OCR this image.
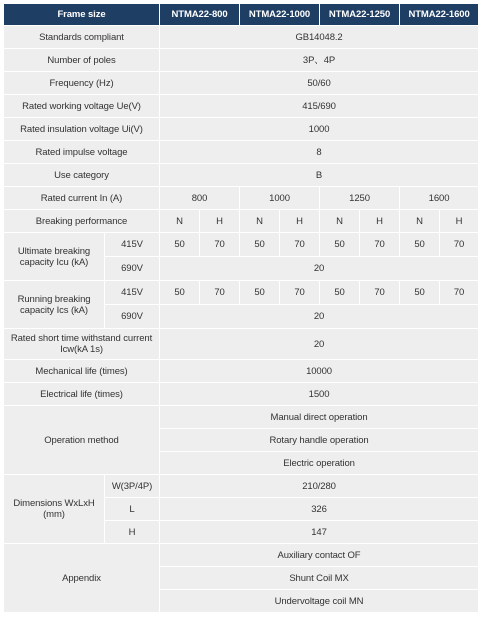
Frame size		NTMA22-800		NTMA22-1000		NTMA22-1250		NTMA22-1600	
Standards compliant		GB14048.2							
Number of poles		3P、4P							
Frequency (Hz)		50/60							
Rated working voltage Ue(V)		415/690							
Rated insulation voltage Ui(V)		1000							
Rated impulse voltage		8							
Use category		B							
Rated current In (A)		800		1000		1250		1600	
Breaking performance		N	H	N	H	N	H	N	H
Ultimate breaking capacity Icu (kA)	415V	50	70	50	70	50	70	50	70
	690V	20							
Running breaking capacity Ics (kA)	415V	50	70	50	70	50	70	50	70
	690V	20							
Rated short time withstand current Icw(kA 1s)		20							
Mechanical life (times)		10000							
Electrical life (times)		1500							
Operation method		Manual direct operation							
		Rotary handle operation							
		Electric operation							
Dimensions WxLxH (mm)	W(3P/4P)	210/280							
	L	326							
	H	147							
Appendix		Auxiliary contact OF							
		Shunt Coil MX							
		Undervoltage coil MN							
